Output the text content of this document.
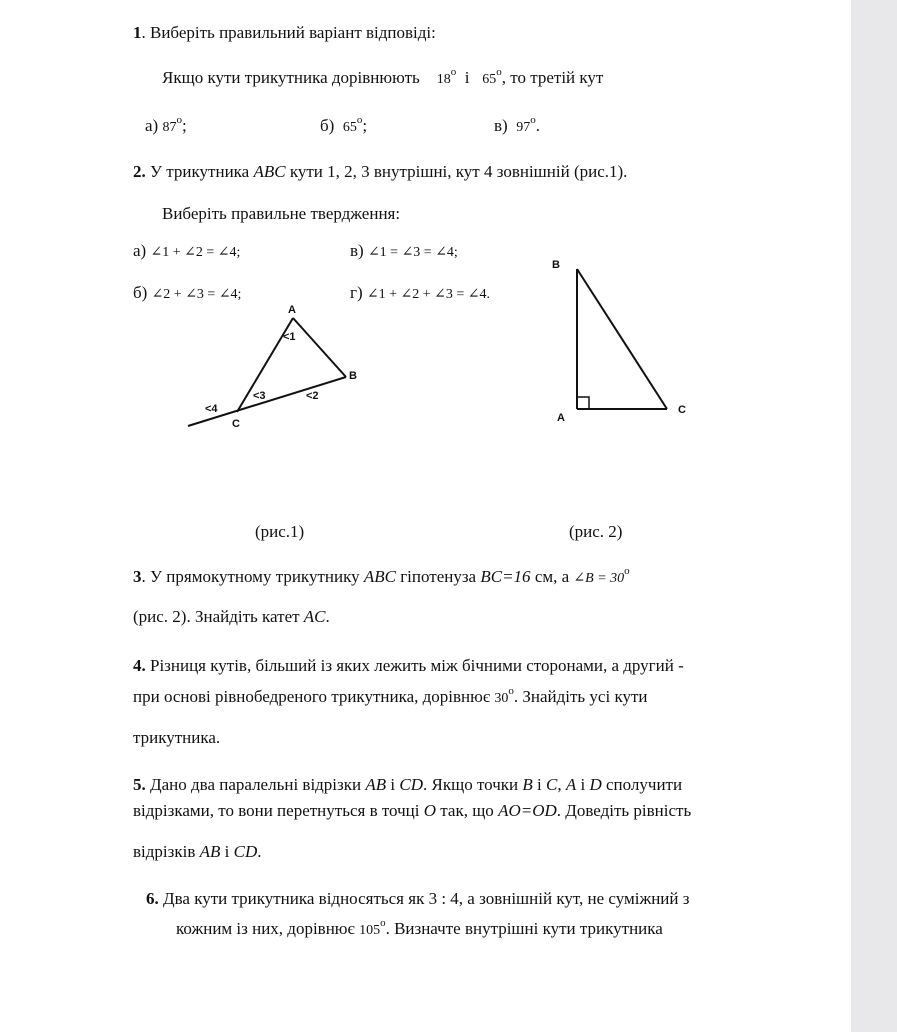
1. Виберіть правильний варіант відповіді:
Якщо кути трикутника дорівнюють 18$^o$ і 65$^o$, то третій кут
а) 87$^o$;	б) 65$^o$;	в) 97$^o$.
2. У трикутника ABC кути 1, 2, 3 внутрішні, кут 4 зовнішній (рис.1).
Виберіть правильне твердження:
а) ∠1 + ∠2 = ∠4;	в) ∠1 = ∠3 = ∠4;
б) ∠2 + ∠3 = ∠4;	г) ∠1 + ∠2 + ∠3 = ∠4.
A
B
C
<1
<2
<3
<4
(рис.1)
B
A
C
(рис. 2)
3. У прямокутному трикутнику ABC гіпотенуза BC=16 см, а ∠B = $30^o$
(рис. 2). Знайдіть катет AC.
4. Різниця кутів, більший із яких лежить між бічними сторонами, а другий -
при основі рівнобедреного трикутника, дорівнює 30$^o$. Знайдіть усі кути
трикутника.
5. Дано два паралельні відрізки AB і CD. Якщо точки B і C, A і D сполучити
відрізками, то вони перетнуться в точці O так, що AO=OD. Доведіть рівність
відрізків AB і CD.
6. Два кути трикутника відносяться як 3 : 4, а зовнішній кут, не суміжний з
кожним із них, дорівнює 105$^o$. Визначте внутрішні кути трикутника
